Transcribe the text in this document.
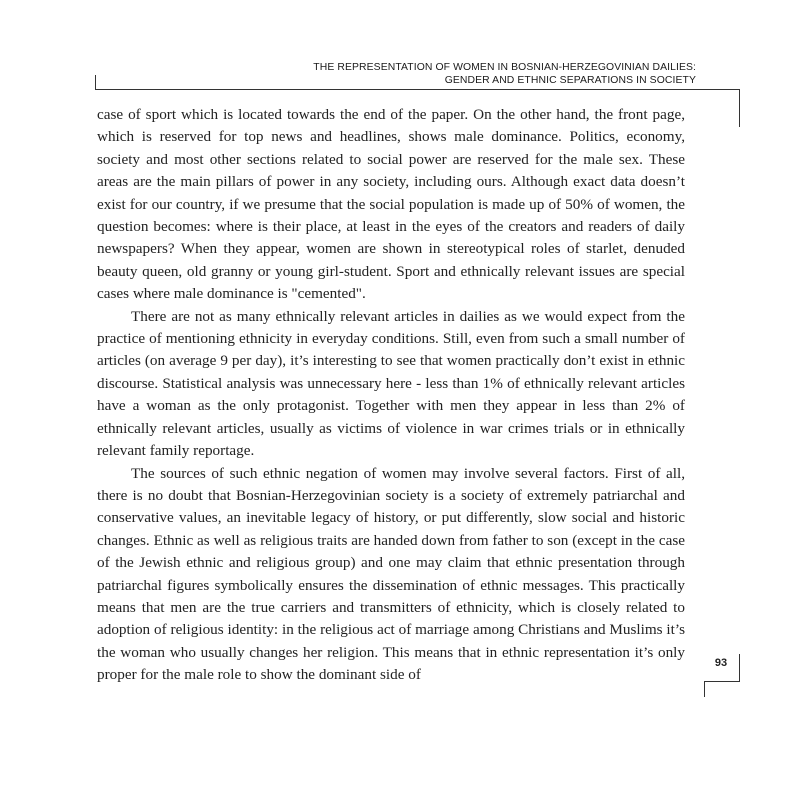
THE REPRESENTATION OF WOMEN IN BOSNIAN-HERZEGOVINIAN DAILIES:
GENDER AND ETHNIC SEPARATIONS IN SOCIETY

case of sport which is located towards the end of the paper. On the other hand, the front page, which is reserved for top news and headlines, shows male dominance. Politics, economy, society and most other sections related to social power are reserved for the male sex. These areas are the main pillars of power in any society, including ours. Although exact data doesn’t exist for our country, if we presume that the social population is made up of 50% of women, the question becomes: where is their place, at least in the eyes of the creators and readers of daily newspapers? When they appear, women are shown in stereotypical roles of starlet, denuded beauty queen, old granny or young girl-student. Sport and ethnically relevant issues are special cases where male dominance is "cemented".

There are not as many ethnically relevant articles in dailies as we would expect from the practice of mentioning ethnicity in everyday conditions. Still, even from such a small number of articles (on average 9 per day), it’s interesting to see that women practically don’t exist in ethnic discourse. Statistical analysis was unnecessary here - less than 1% of ethnically relevant articles have a woman as the only protagonist. Together with men they appear in less than 2% of ethnically relevant articles, usually as victims of violence in war crimes trials or in ethnically relevant family reportage.

The sources of such ethnic negation of women may involve several factors. First of all, there is no doubt that Bosnian-Herzegovinian society is a society of extremely patriarchal and conservative values, an inevitable legacy of history, or put differently, slow social and historic changes. Ethnic as well as religious traits are handed down from father to son (except in the case of the Jewish ethnic and religious group) and one may claim that ethnic presentation through patriarchal figures symbolically ensures the dissemination of ethnic messages. This practically means that men are the true carriers and transmitters of ethnicity, which is closely related to adoption of religious identity: in the religious act of marriage among Christians and Muslims it’s the woman who usually changes her religion. This means that in ethnic representation it’s only proper for the male role to show the dominant side of

93
